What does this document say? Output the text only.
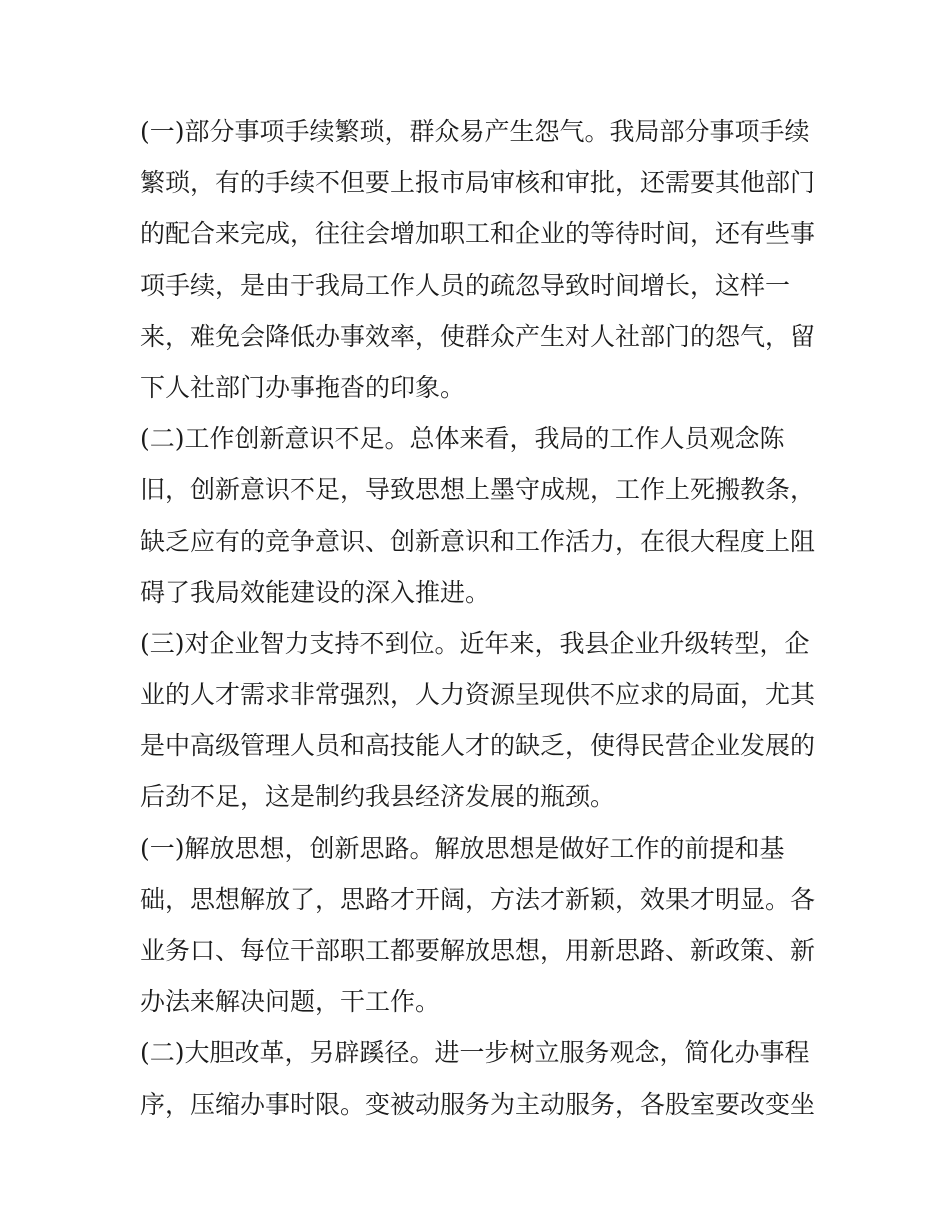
(一)部分事项手续繁琐，群众易产生怨气。我局部分事项手续
繁琐，有的手续不但要上报市局审核和审批，还需要其他部门
的配合来完成，往往会增加职工和企业的等待时间，还有些事
项手续，是由于我局工作人员的疏忽导致时间增长，这样一
来，难免会降低办事效率，使群众产生对人社部门的怨气，留
下人社部门办事拖沓的印象。
(二)工作创新意识不足。总体来看，我局的工作人员观念陈
旧，创新意识不足，导致思想上墨守成规，工作上死搬教条，
缺乏应有的竞争意识、创新意识和工作活力，在很大程度上阻
碍了我局效能建设的深入推进。
(三)对企业智力支持不到位。近年来，我县企业升级转型，企
业的人才需求非常强烈，人力资源呈现供不应求的局面，尤其
是中高级管理人员和高技能人才的缺乏，使得民营企业发展的
后劲不足，这是制约我县经济发展的瓶颈。
(一)解放思想，创新思路。解放思想是做好工作的前提和基
础，思想解放了，思路才开阔，方法才新颖，效果才明显。各
业务口、每位干部职工都要解放思想，用新思路、新政策、新
办法来解决问题，干工作。
(二)大胆改革，另辟蹊径。进一步树立服务观念，简化办事程
序，压缩办事时限。变被动服务为主动服务，各股室要改变坐
